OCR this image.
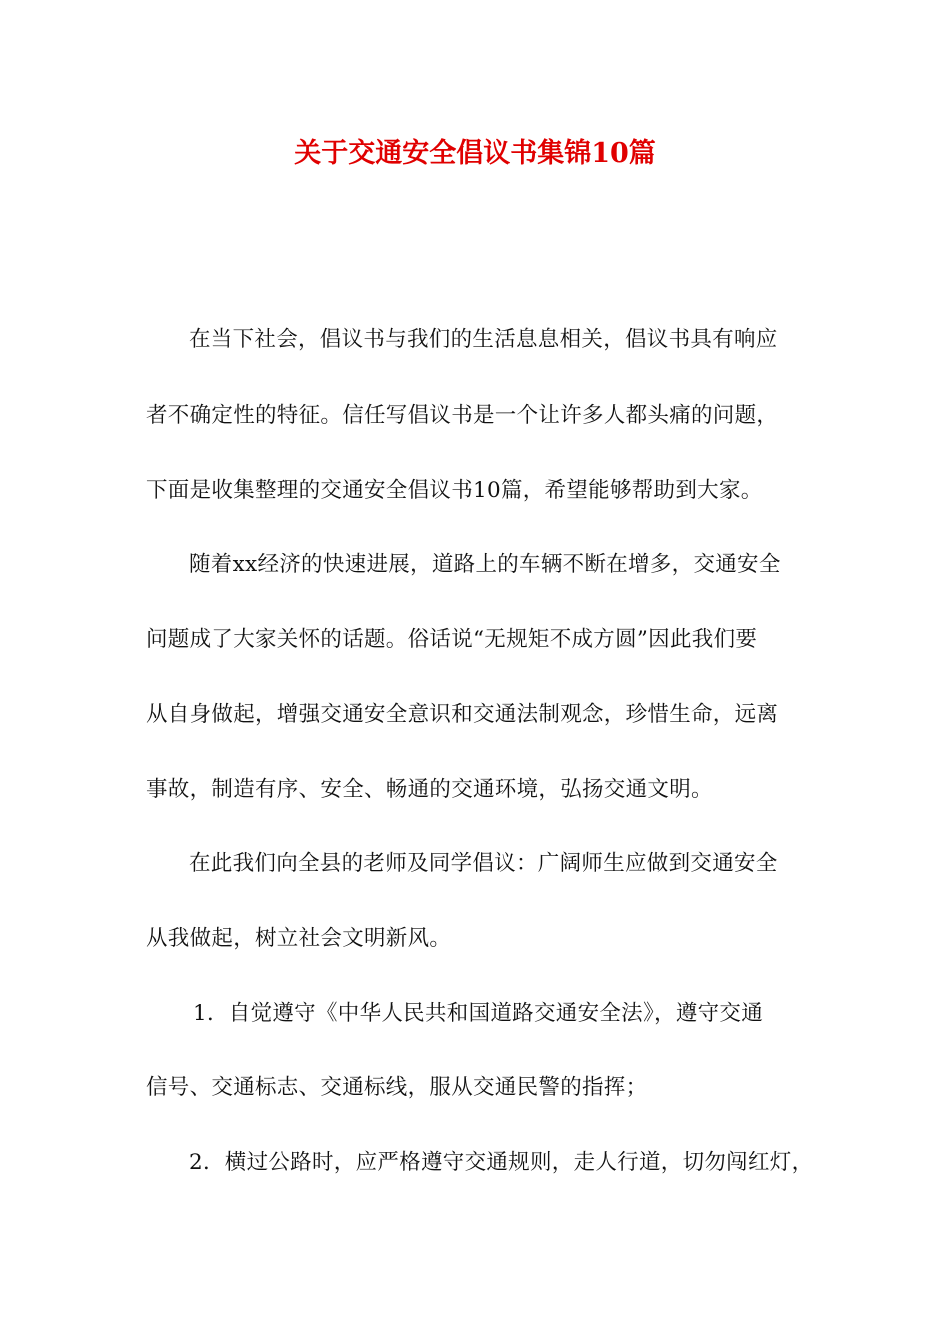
关于交通安全倡议书集锦10篇
在当下社会，倡议书与我们的生活息息相关，倡议书具有响应
者不确定性的特征。信任写倡议书是一个让许多人都头痛的问题，
下面是收集整理的交通安全倡议书10篇，希望能够帮助到大家。
随着xx经济的快速进展，道路上的车辆不断在增多，交通安全
问题成了大家关怀的话题。俗话说“无规矩不成方圆”因此我们要
从自身做起，增强交通安全意识和交通法制观念，珍惜生命，远离
事故，制造有序、安全、畅通的交通环境，弘扬交通文明。
在此我们向全县的老师及同学倡议：广阔师生应做到交通安全
从我做起，树立社会文明新风。
1．自觉遵守《中华人民共和国道路交通安全法》，遵守交通
信号、交通标志、交通标线，服从交通民警的指挥；
2．横过公路时，应严格遵守交通规则，走人行道，切勿闯红灯，
